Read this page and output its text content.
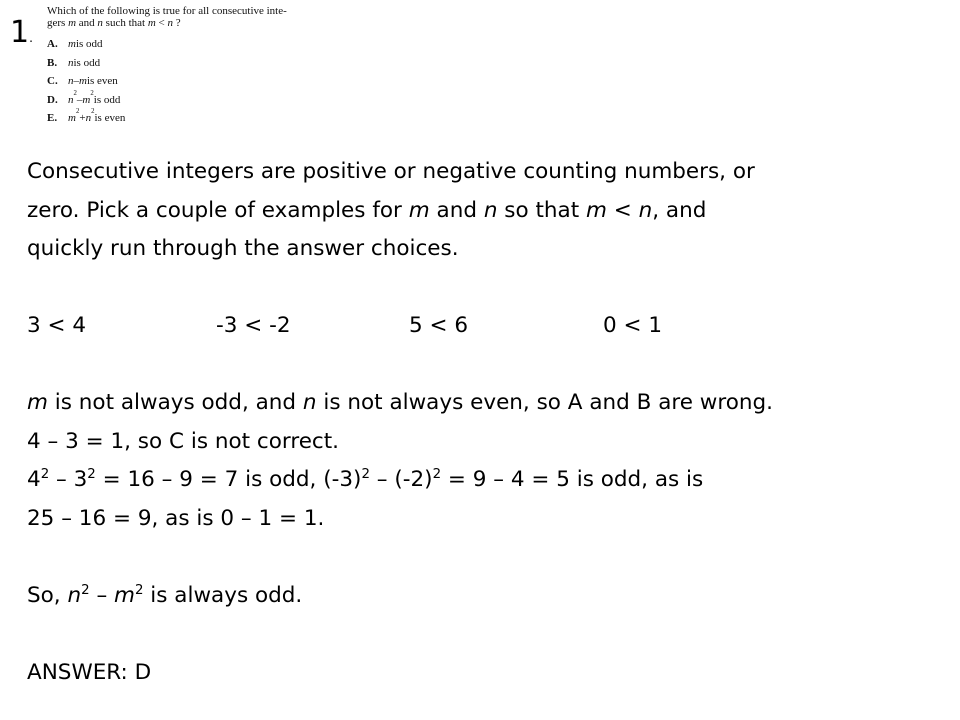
1.

Which of the following is true for all consecutive inte-
gers m and n such that m < n ?

A. m is odd
B. n is odd
C. n – m is even
D. n
2
– m
2
is odd
E. m
2
+ n
2
is even
Consecutive integers are positive or negative counting numbers, or
zero. Pick a couple of examples for m and n so that m < n, and
quickly run through the answer choices.
3 < 4	-3 < -2	5 < 6	0 < 1
m is not always odd, and n is not always even, so A and B are wrong.
4 – 3 = 1, so C is not correct.
$4^2 - 3^2 = 16 - 9 = 7$ is odd, $(-3)^2 - (-2)^2 = 9 - 4 = 5$ is odd, as is
25 – 16 = 9, as is 0 – 1 = 1.
So, $n^2 - m^2$ is always odd.
ANSWER: D
